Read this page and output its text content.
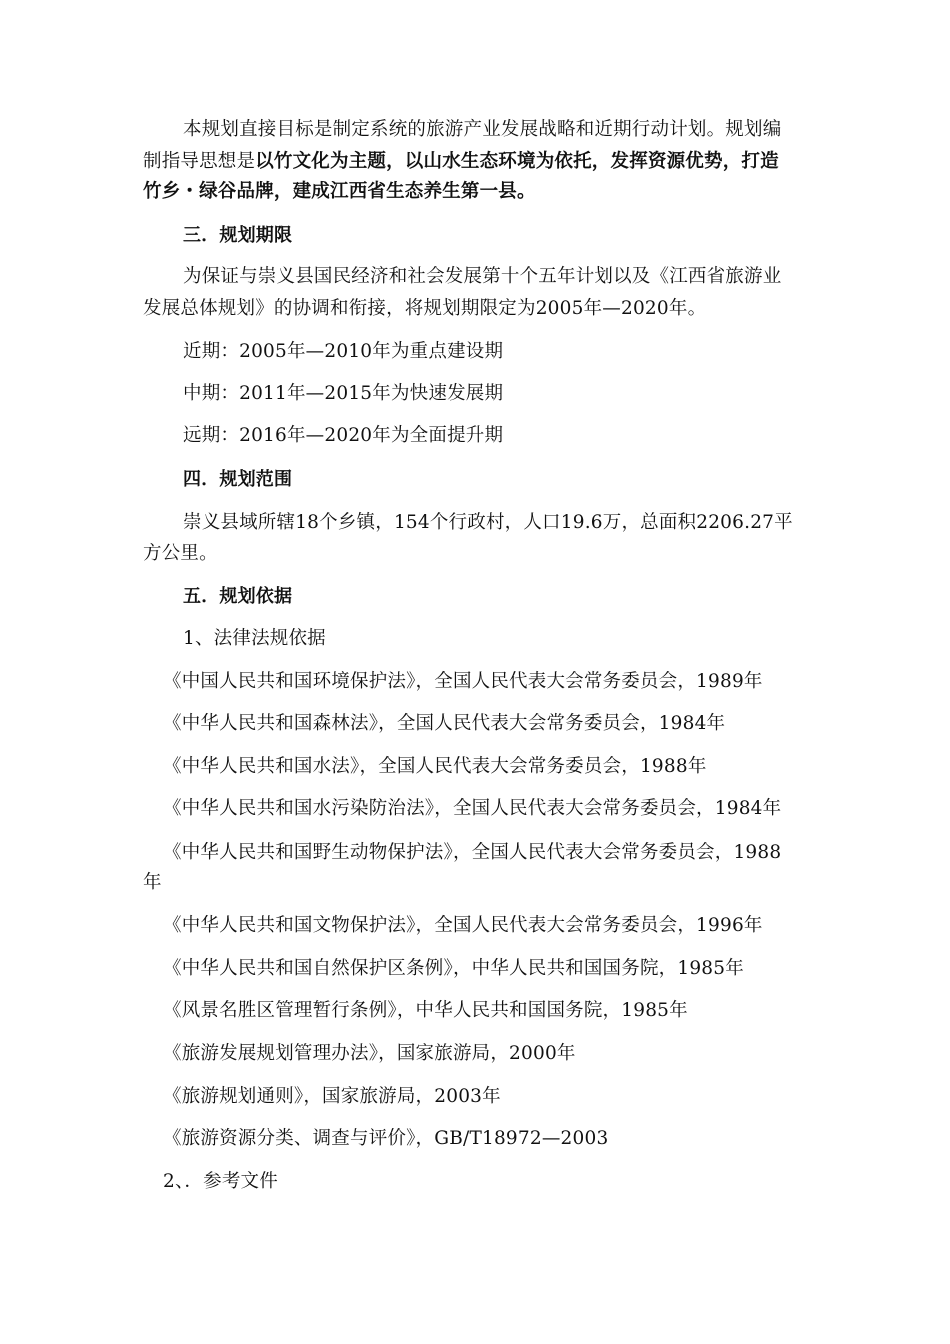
本规划直接目标是制定系统的旅游产业发展战略和近期行动计划。规划编
制指导思想是以竹文化为主题，以山水生态环境为依托，发挥资源优势，打造
竹乡・绿谷品牌，建成江西省生态养生第一县。
三．规划期限
为保证与崇义县国民经济和社会发展第十个五年计划以及《江西省旅游业
发展总体规划》的协调和衔接，将规划期限定为2005年—2020年。
近期：2005年—2010年为重点建设期
中期：2011年—2015年为快速发展期
远期：2016年—2020年为全面提升期
四．规划范围
崇义县域所辖18个乡镇，154个行政村，人口19.6万，总面积2206.27平
方公里。
五．规划依据
1、法律法规依据
《中国人民共和国环境保护法》，全国人民代表大会常务委员会，1989年
《中华人民共和国森林法》，全国人民代表大会常务委员会，1984年
《中华人民共和国水法》，全国人民代表大会常务委员会，1988年
《中华人民共和国水污染防治法》，全国人民代表大会常务委员会，1984年
《中华人民共和国野生动物保护法》，全国人民代表大会常务委员会，1988
年
《中华人民共和国文物保护法》，全国人民代表大会常务委员会，1996年
《中华人民共和国自然保护区条例》，中华人民共和国国务院，1985年
《风景名胜区管理暂行条例》，中华人民共和国国务院，1985年
《旅游发展规划管理办法》，国家旅游局，2000年
《旅游规划通则》，国家旅游局，2003年
《旅游资源分类、调查与评价》，GB/T18972—2003
2、．参考文件
